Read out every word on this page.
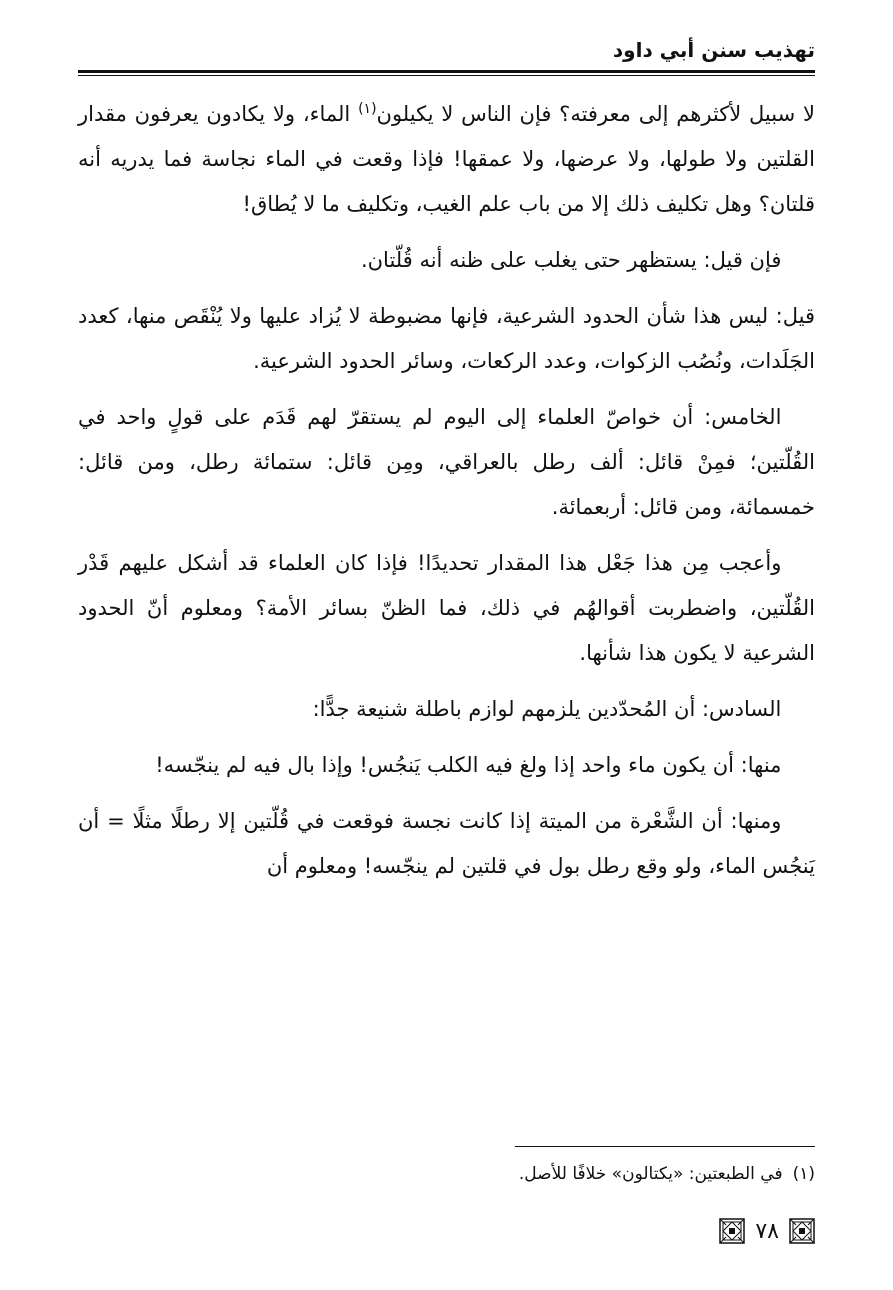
تهذيب سنن أبي داود

لا سبيل لأكثرهم إلى معرفته؟ فإن الناس لا يكيلون$^{(١)}$ الماء، ولا يكادون يعرفون مقدار القلتين ولا طولها، ولا عرضها، ولا عمقها! فإذا وقعت في الماء نجاسة فما يدريه أنه قلتان؟ وهل تكليف ذلك إلا من باب علم الغيب، وتكليف ما لا يُطاق!

فإن قيل: يستظهر حتى يغلب على ظنه أنه قُلّتان.

قيل: ليس هذا شأن الحدود الشرعية، فإنها مضبوطة لا يُزاد عليها ولا يُنْقَص منها، كعدد الجَلَدات، ونُصُب الزكوات، وعدد الركعات، وسائر الحدود الشرعية.

الخامس: أن خواصّ العلماء إلى اليوم لم يستقرّ لهم قَدَم على قولٍ واحد في القُلّتين؛ فمِنْ قائل: ألف رطل بالعراقي، ومِن قائل: ستمائة رطل، ومن قائل: خمسمائة، ومن قائل: أربعمائة.

وأعجب مِن هذا جَعْل هذا المقدار تحديدًا! فإذا كان العلماء قد أشكل عليهم قَدْر القُلّتين، واضطربت أقوالهُم في ذلك، فما الظنّ بسائر الأمة؟ ومعلوم أنّ الحدود الشرعية لا يكون هذا شأنها.

السادس: أن المُحدّدين يلزمهم لوازم باطلة شنيعة جدًّا:

منها: أن يكون ماء واحد إذا ولغ فيه الكلب يَنجُس! وإذا بال فيه لم ينجّسه!

ومنها: أن الشَّعْرة من الميتة إذا كانت نجسة فوقعت في قُلّتين إلا رطلًا مثلًا = أن يَنجُس الماء، ولو وقع رطل بول في قلتين لم ينجّسه! ومعلوم أن

(١)في الطبعتين: «يكتالون» خلافًا للأصل.
٧٨
